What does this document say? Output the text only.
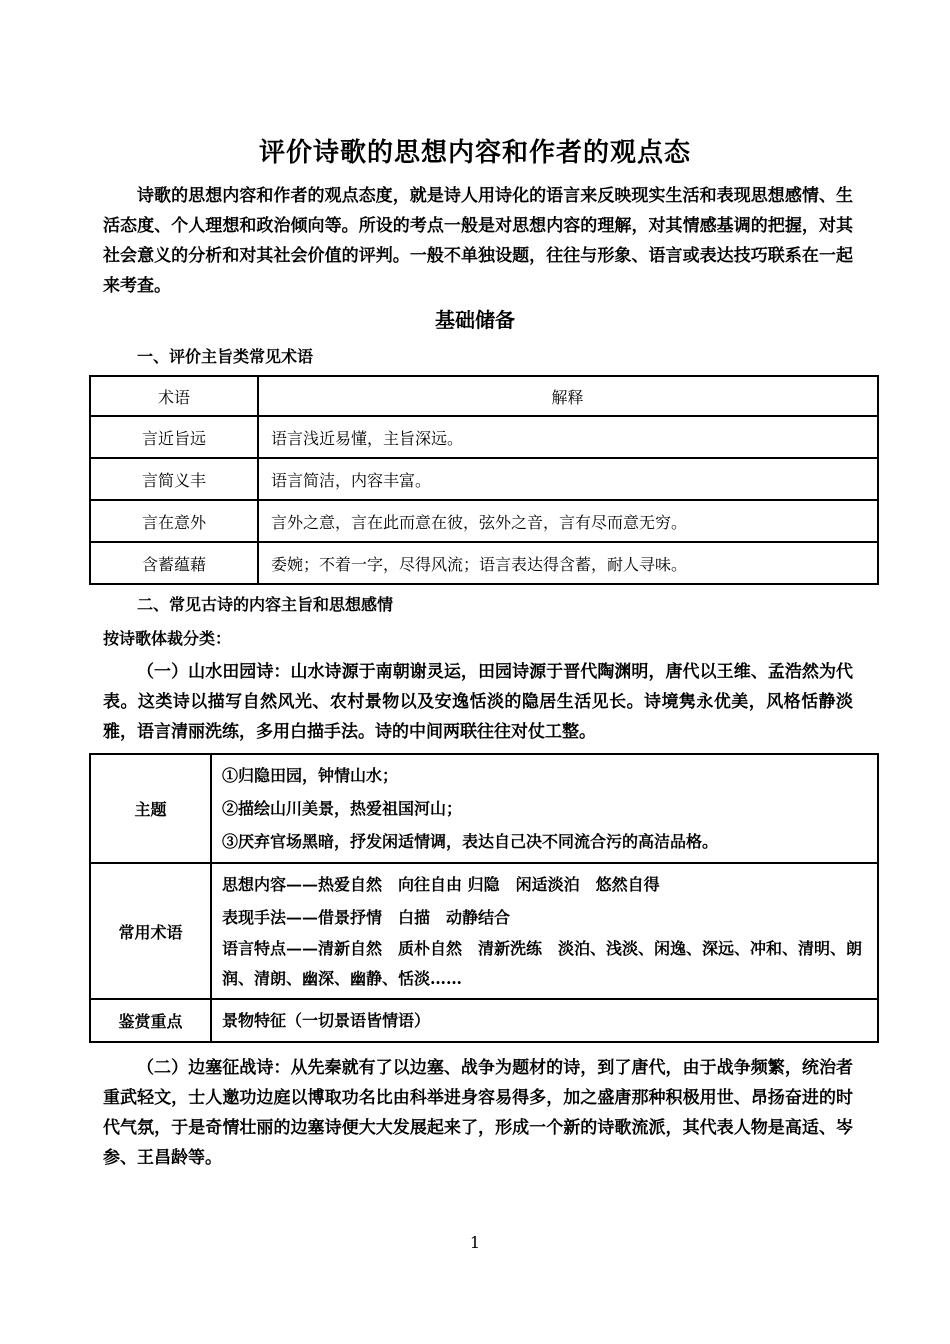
评价诗歌的思想内容和作者的观点态
诗歌的思想内容和作者的观点态度，就是诗人用诗化的语言来反映现实生活和表现思想感情、生活态度、个人理想和政治倾向等。所设的考点一般是对思想内容的理解，对其情感基调的把握，对其社会意义的分析和对其社会价值的评判。一般不单独设题，往往与形象、语言或表达技巧联系在一起来考查。
基础储备
一、评价主旨类常见术语
术语	解释
言近旨远	语言浅近易懂，主旨深远。
言简义丰	语言简洁，内容丰富。
言在意外	言外之意，言在此而意在彼，弦外之音，言有尽而意无穷。
含蓄蕴藉	委婉；不着一字，尽得风流；语言表达得含蓄，耐人寻味。
二、常见古诗的内容主旨和思想感情
按诗歌体裁分类：
（一）山水田园诗：山水诗源于南朝谢灵运，田园诗源于晋代陶渊明，唐代以王维、孟浩然为代表。这类诗以描写自然风光、农村景物以及安逸恬淡的隐居生活见长。诗境隽永优美，风格恬静淡雅，语言清丽洗练，多用白描手法。诗的中间两联往往对仗工整。
主题	①归隐田园，钟情山水；
②描绘山川美景，热爱祖国河山；
③厌弃官场黑暗，抒发闲适情调，表达自己决不同流合污的高洁品格。

常用术语	思想内容——热爱自然　向往自由 归隐　闲适淡泊　悠然自得
表现手法——借景抒情　白描　动静结合
语言特点——清新自然　质朴自然　清新洗练　淡泊、浅淡、闲逸、深远、冲和、清明、朗润、清朗、幽深、幽静、恬淡……

鉴赏重点	景物特征（一切景语皆情语）
（二）边塞征战诗：从先秦就有了以边塞、战争为题材的诗，到了唐代，由于战争频繁，统治者重武轻文，士人邀功边庭以博取功名比由科举进身容易得多，加之盛唐那种积极用世、昂扬奋进的时代气氛，于是奇情壮丽的边塞诗便大大发展起来了，形成一个新的诗歌流派，其代表人物是高适、岑参、王昌龄等。
1
